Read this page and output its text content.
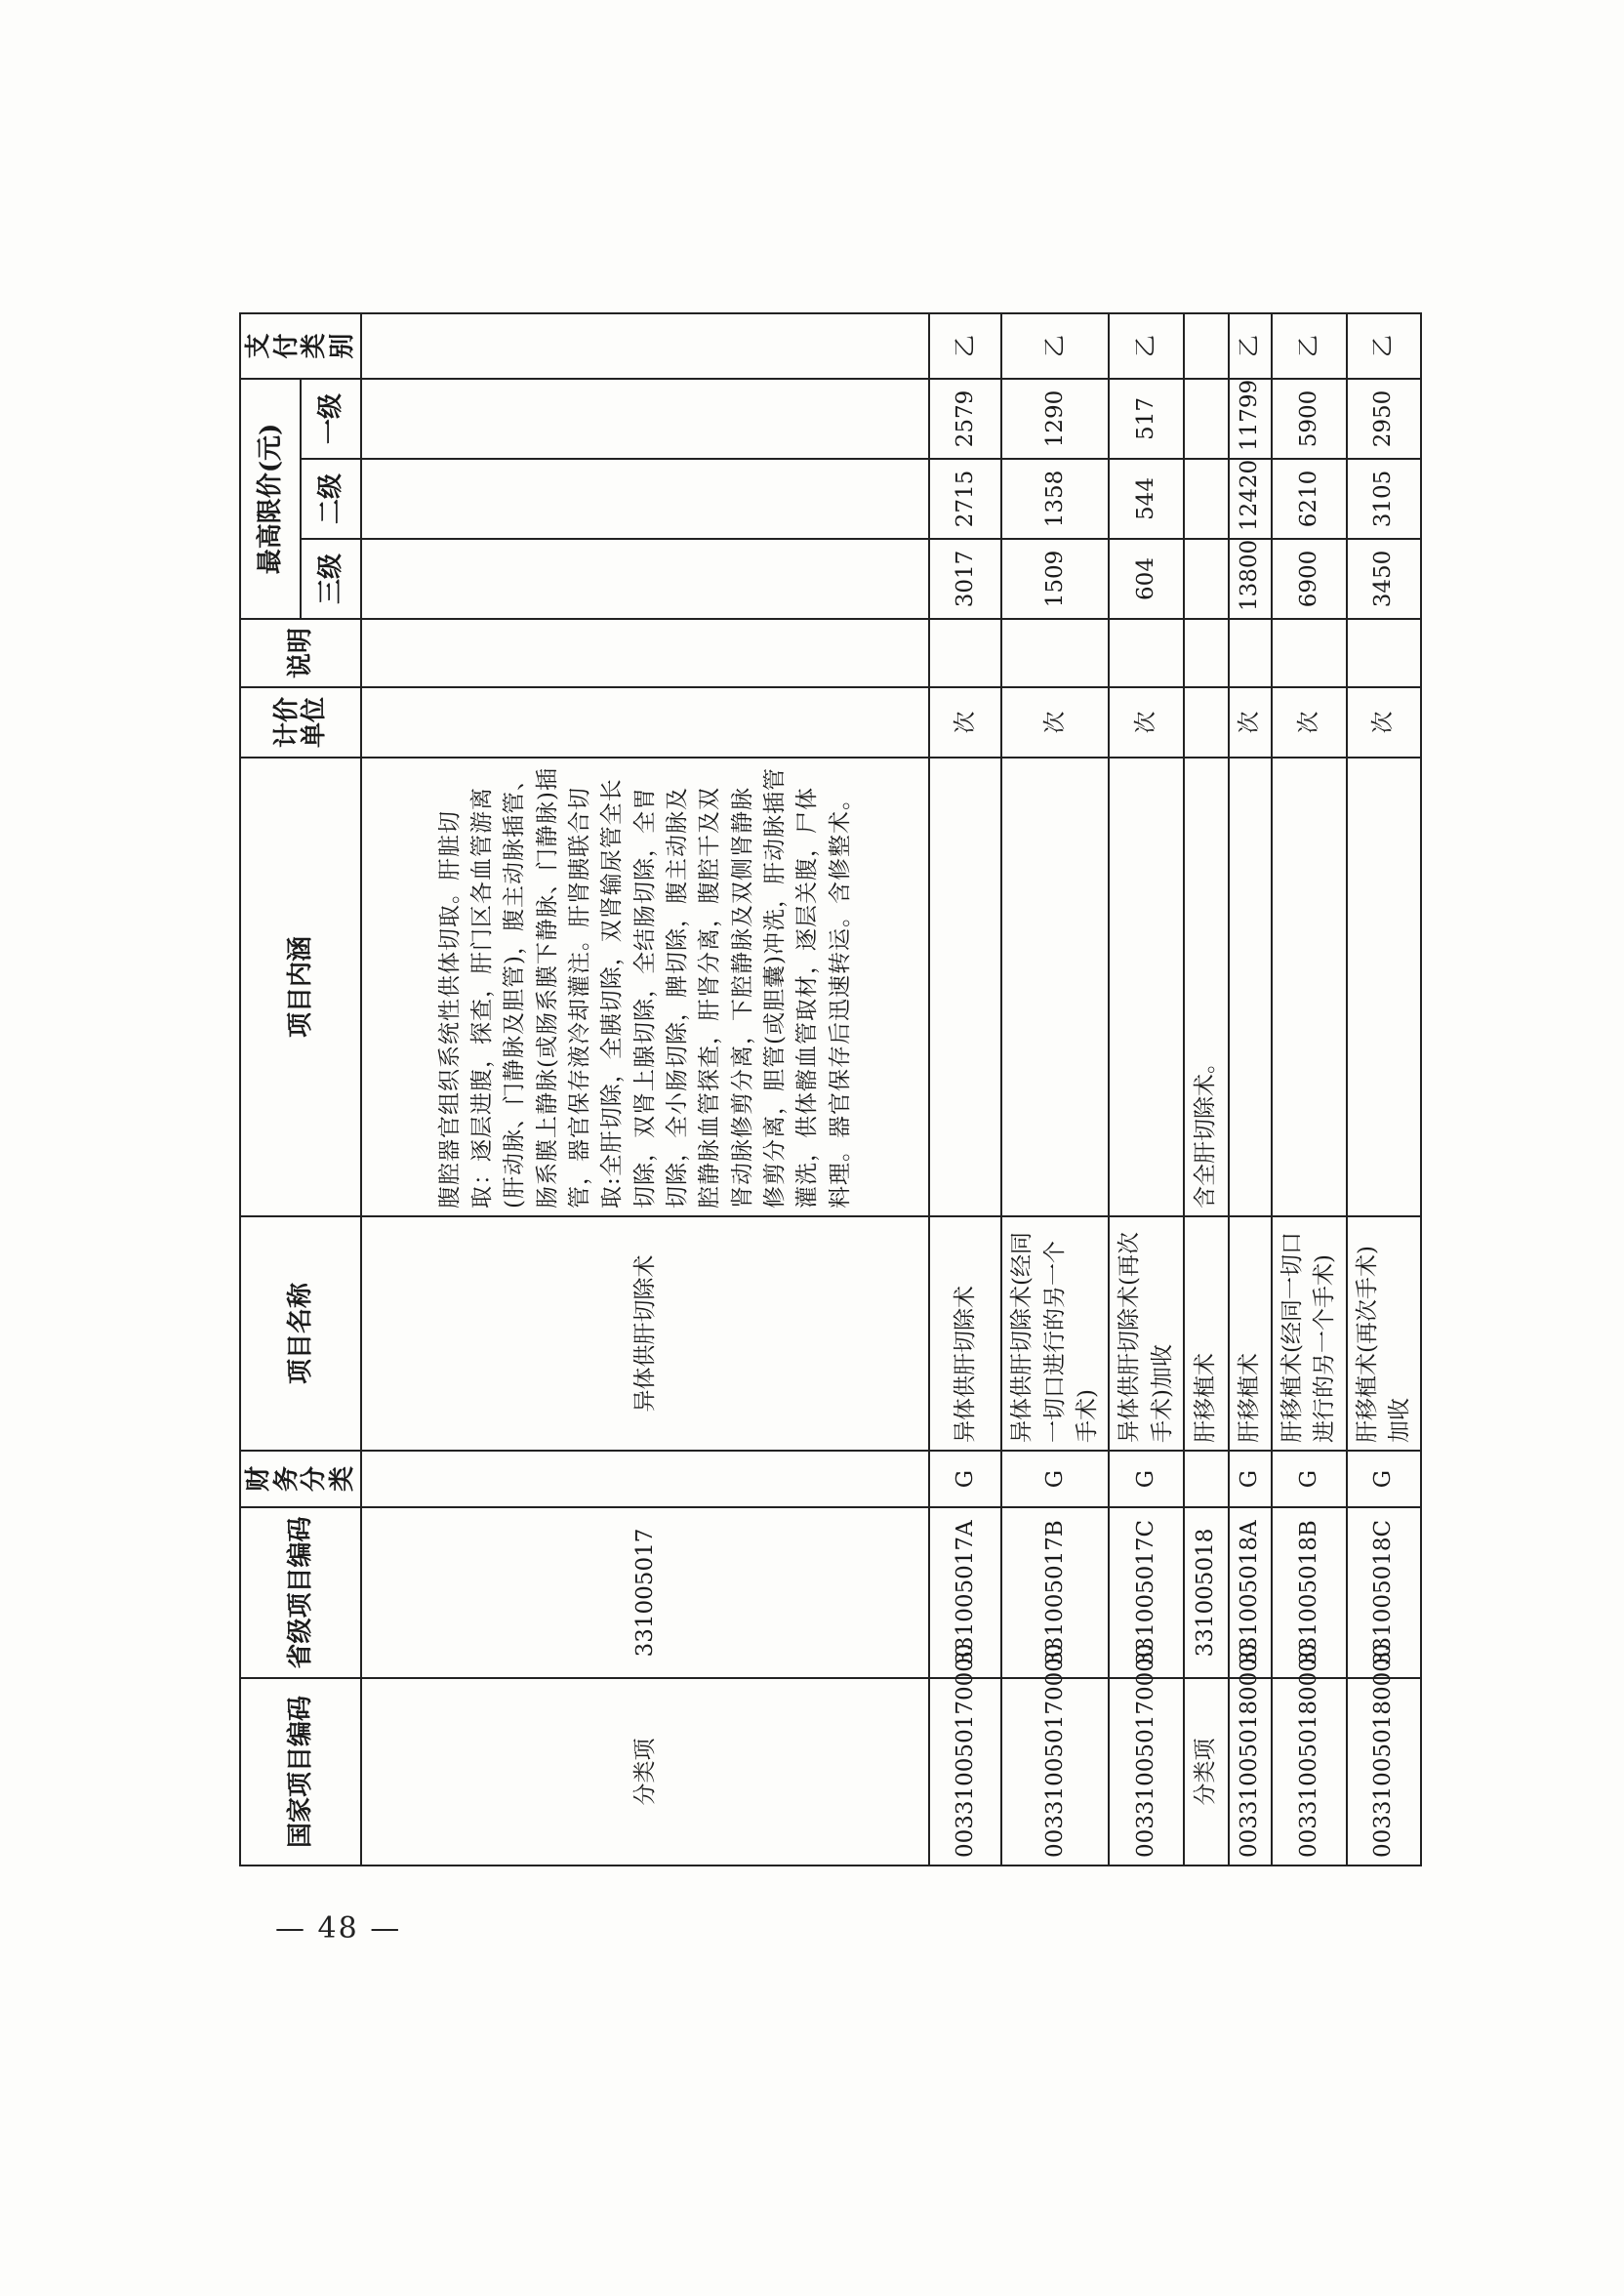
国家项目编码	省级项目编码	财务分类	项目名称	项目内涵	计价单位	说明	最高限价(元)			支付类别
							三级	二级	一级	
分类项	331005017		异体供肝切除术	腹腔器官组织系统性供体切取。肝脏切取：逐层进腹，探查，肝门区各血管游离(肝动脉、门静脉及胆管)，腹主动脉插管、肠系膜上静脉(或肠系膜下静脉、门静脉)插管，器官保存液冷却灌注。肝肾胰联合切取:全肝切除，全胰切除，双肾输尿管全长切除，双肾上腺切除，全结肠切除，全胃切除，全小肠切除，脾切除，腹主动脉及腔静脉血管探查，肝肾分离，腹腔干及双肾动脉修剪分离，下腔静脉及双侧肾静脉修剪分离，胆管(或胆囊)冲洗，肝动脉插管灌洗，供体髂血管取材，逐层关腹，尸体料理。器官保存后迅速转运。含修整术。						
003310050170000	331005017A	G	异体供肝切除术		次		3017	2715	2579	乙
003310050170000	331005017B	G	异体供肝切除术(经同一切口进行的另一个手术)		次		1509	1358	1290	乙
003310050170000	331005017C	G	异体供肝切除术(再次手术)加收		次		604	544	517	乙
分类项	331005018		肝移植术	含全肝切除术。						
003310050180000	331005018A	G	肝移植术		次		13800	12420	11799	乙
003310050180000	331005018B	G	肝移植术(经同一切口进行的另一个手术)		次		6900	6210	5900	乙
003310050180000	331005018C	G	肝移植术(再次手术)加收		次		3450	3105	2950	乙
— 48 —
